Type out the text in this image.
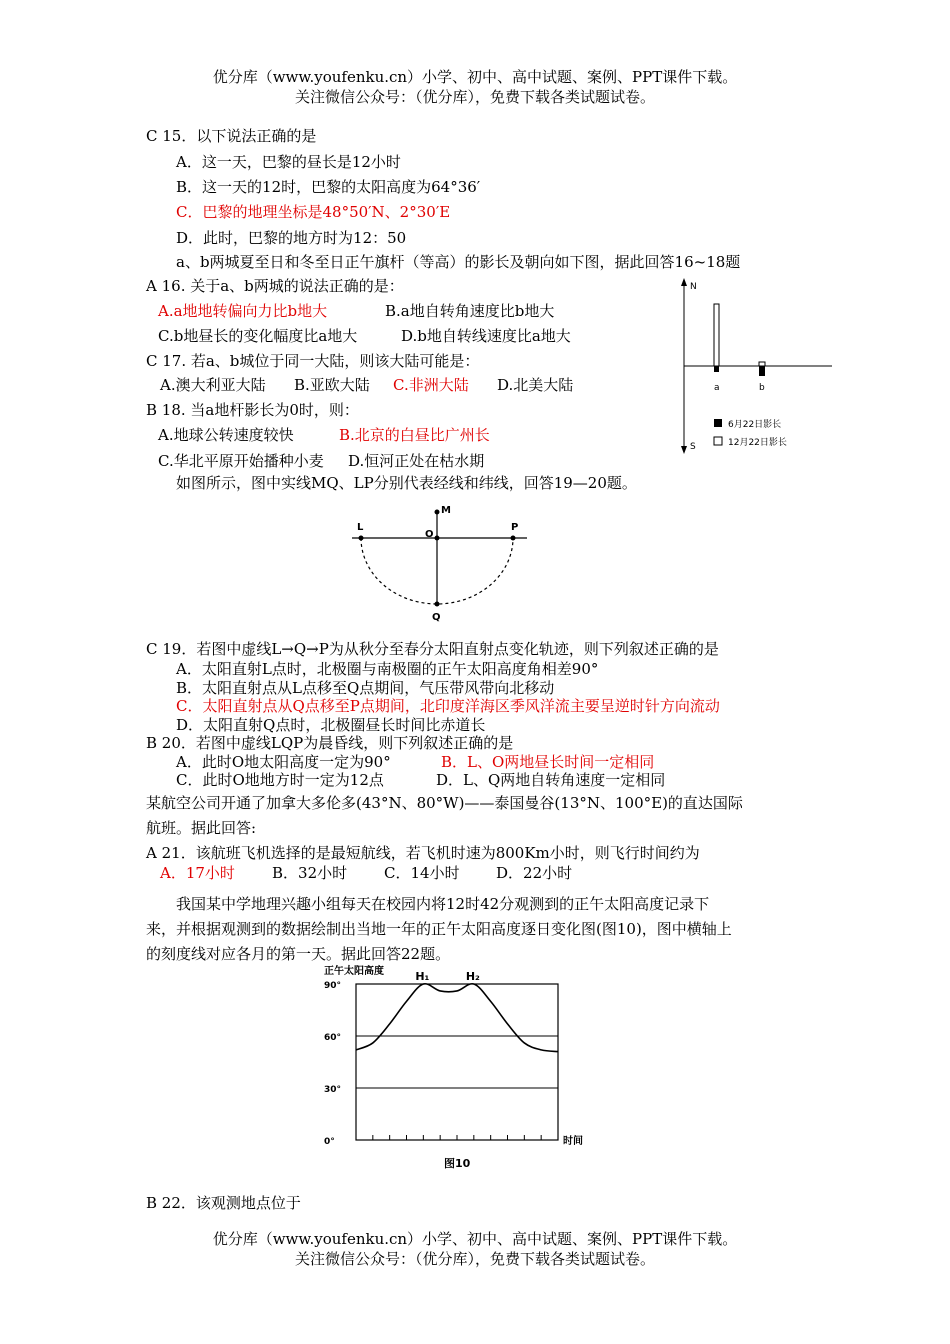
优分库（www.youfenku.cn）小学、初中、高中试题、案例、PPT课件下载。
关注微信公众号：（优分库），免费下载各类试题试卷。
C 15．以下说法正确的是
A．这一天，巴黎的昼长是12小时
B．这一天的12时，巴黎的太阳高度为64°36′
C．巴黎的地理坐标是48°50′N、2°30′E
D．此时，巴黎的地方时为12：50
a、b两城夏至日和冬至日正午旗杆（等高）的影长及朝向如下图，据此回答16~18题
A 16. 关于a、b两城的说法正确的是：
A.a地地转偏向力比b地大	B.a地自转角速度比b地大
C.b地昼长的变化幅度比a地大	D.b地自转线速度比a地大
C 17. 若a、b城位于同一大陆，则该大陆可能是：
A.澳大利亚大陆 B.亚欧大陆 C.非洲大陆 D.北美大陆
B 18. 当a地杆影长为0时，则：
A.地球公转速度较快	B.北京的白昼比广州长
C.华北平原开始播种小麦 D.恒河正处在枯水期
N
S
a	b
6月22日影长
12月22日影长
如图所示，图中实线MQ、LP分别代表经线和纬线，回答19—20题。
M
L
O
P
Q
C 19．若图中虚线L→Q→P为从秋分至春分太阳直射点变化轨迹，则下列叙述正确的是
A．太阳直射L点时，北极圈与南极圈的正午太阳高度角相差90°
B．太阳直射点从L点移至Q点期间，气压带风带向北移动
C．太阳直射点从Q点移至P点期间，北印度洋海区季风洋流主要呈逆时针方向流动
D．太阳直射Q点时，北极圈昼长时间比赤道长
B 20．若图中虚线LQP为晨昏线，则下列叙述正确的是
A．此时O地太阳高度一定为90°	B．L、O两地昼长时间一定相同
C．此时O地地方时一定为12点	D．L、Q两地自转角速度一定相同
某航空公司开通了加拿大多伦多(43°N、80°W)——泰国曼谷(13°N、100°E)的直达国际
航班。据此回答:
A 21．该航班飞机选择的是最短航线，若飞机时速为800Km小时，则飞行时间约为
A．17小时 B．32小时 C．14小时 D．22小时
我国某中学地理兴趣小组每天在校园内将12时42分观测到的正午太阳高度记录下
来，并根据观测到的数据绘制出当地一年的正午太阳高度逐日变化图(图10)，图中横轴上
的刻度线对应各月的第一天。据此回答22题。
正午太阳高度
时间
图10
0°
30°
60°
90°
H₁	H₂
B 22．该观测地点位于
优分库（www.youfenku.cn）小学、初中、高中试题、案例、PPT课件下载。
关注微信公众号：（优分库），免费下载各类试题试卷。
